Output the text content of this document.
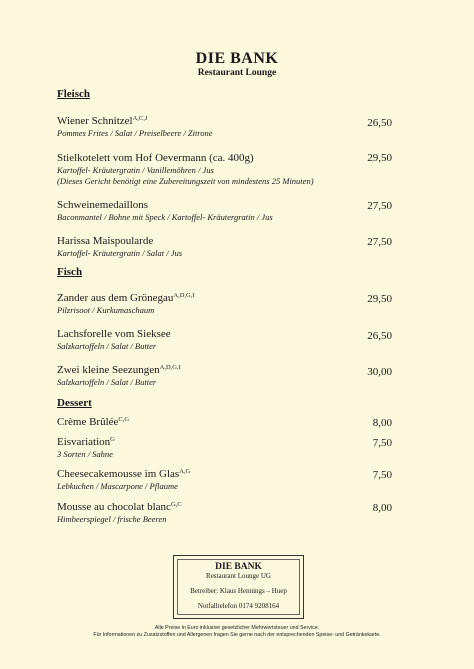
DIE BANK
Restaurant Lounge
Fleisch
Wiener Schnitzel$^{A,C,J}$
Pommes Frites / Salat / Preiselbeere / Zitrone
26,50
Stielkotelett vom Hof Oevermann (ca. 400g)
Kartoffel- Kräutergratin / Vanillemöhren / Jus
(Dieses Gericht benötigt eine Zubereitungszeit von mindestens 25 Minuten)
29,50
Schweinemedaillons
Baconmantel / Bohne mit Speck / Kartoffel- Kräutergratin / Jus
27,50
Harissa Maispoularde
Kartoffel- Kräutergratin / Salat / Jus
27,50
Fisch
Zander aus dem Grönegau$^{A,D,G,I}$
Pilzrisoot / Kurkumaschaum
29,50
Lachsforelle vom Sieksee
Salzkartoffeln / Salat / Butter
26,50
Zwei kleine Seezungen$^{A,D,G,I}$
Salzkartoffeln / Salat / Butter
30,00
Dessert
Crème Brûlée$^{C,G}$	8,00
Eisvariation$^G$
3 Sorten / Sahne
7,50
Cheesecakemousse im Glas$^{A,G}$
Lebkuchen / Mascarpone / Pflaume
7,50
Mousse au chocolat blanc$^{G,C}$
Himbeerspiegel / frische Beeren
8,00
DIE BANK
Restaurant Lounge UG
Betreiber: Klaus Hennings – Huep
Notfalltelefon 0174 9208164
Alle Preise in Euro inklusive gesetzlicher Mehrwertsteuer und Service.
Für Informationen zu Zusatzstoffen und Allergenen fragen Sie gerne nach der entsprechenden Speise- und Getränkekarte.
